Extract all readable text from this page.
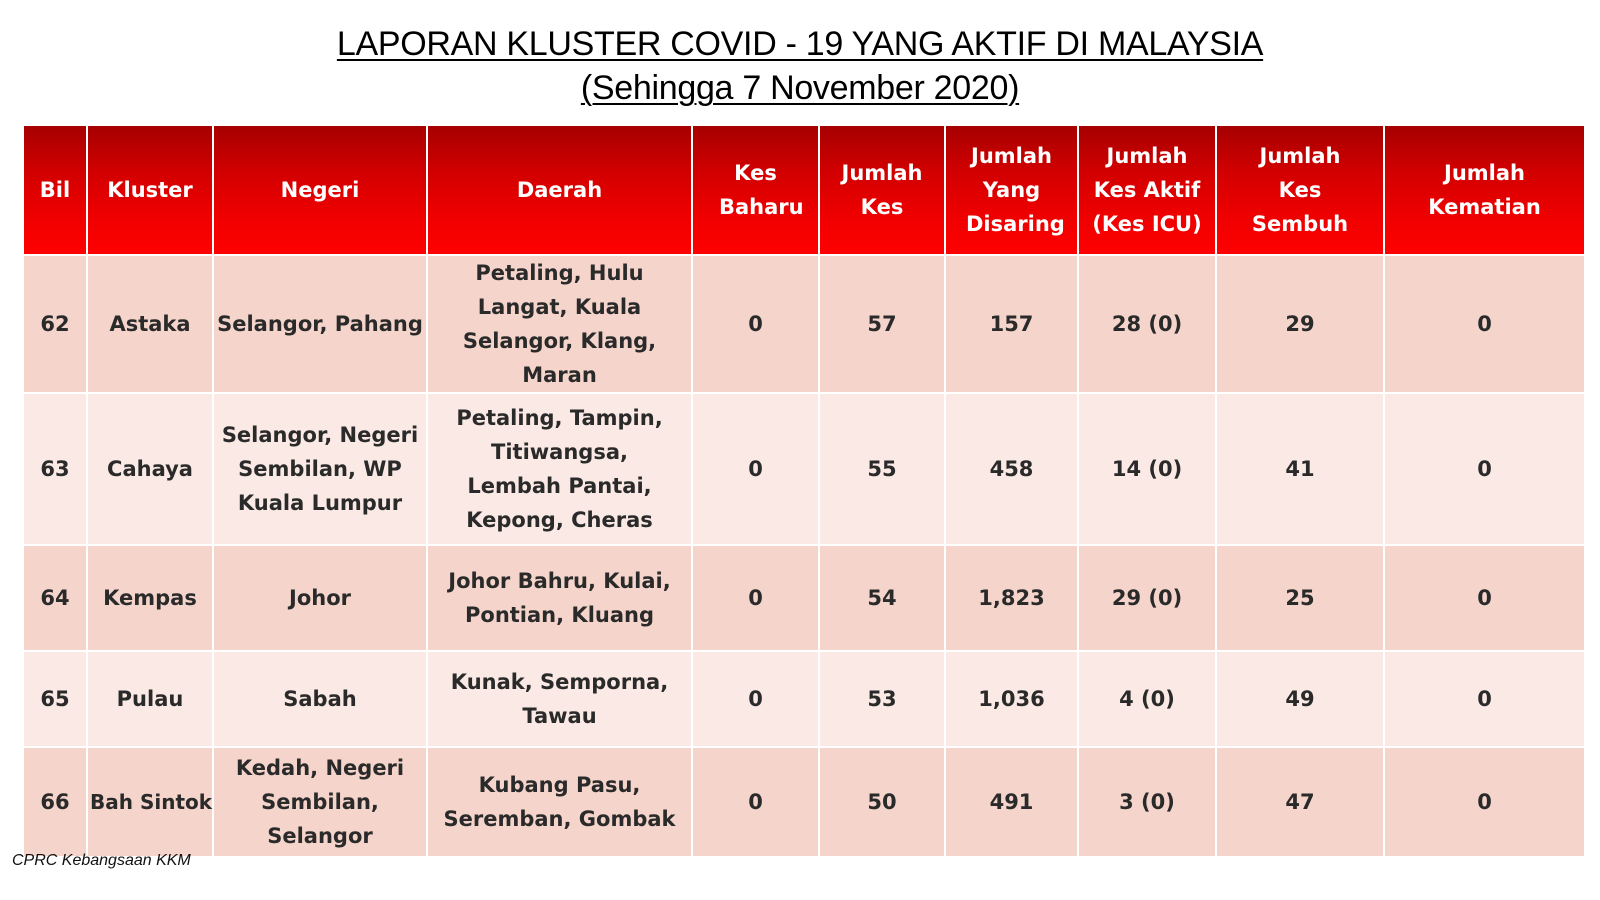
LAPORAN KLUSTER COVID - 19 YANG AKTIF DI MALAYSIA
(Sehingga 7 November 2020)
Bil	Kluster	Negeri	Daerah	Kes Baharu	Jumlah Kes	Jumlah Yang Disaring	Jumlah Kes Aktif (Kes ICU)	Jumlah Kes Sembuh	Jumlah Kematian
62	Astaka	Selangor, Pahang	Petaling, Hulu Langat, Kuala Selangor, Klang, Maran	0	57	157	28 (0)	29	0
63	Cahaya	Selangor, Negeri Sembilan, WP Kuala Lumpur	Petaling, Tampin, Titiwangsa, Lembah Pantai, Kepong, Cheras	0	55	458	14 (0)	41	0
64	Kempas	Johor	Johor Bahru, Kulai, Pontian, Kluang	0	54	1,823	29 (0)	25	0
65	Pulau	Sabah	Kunak, Semporna, Tawau	0	53	1,036	4 (0)	49	0
66	Bah Sintok	Kedah, Negeri Sembilan, Selangor	Kubang Pasu, Seremban, Gombak	0	50	491	3 (0)	47	0
CPRC Kebangsaan KKM
